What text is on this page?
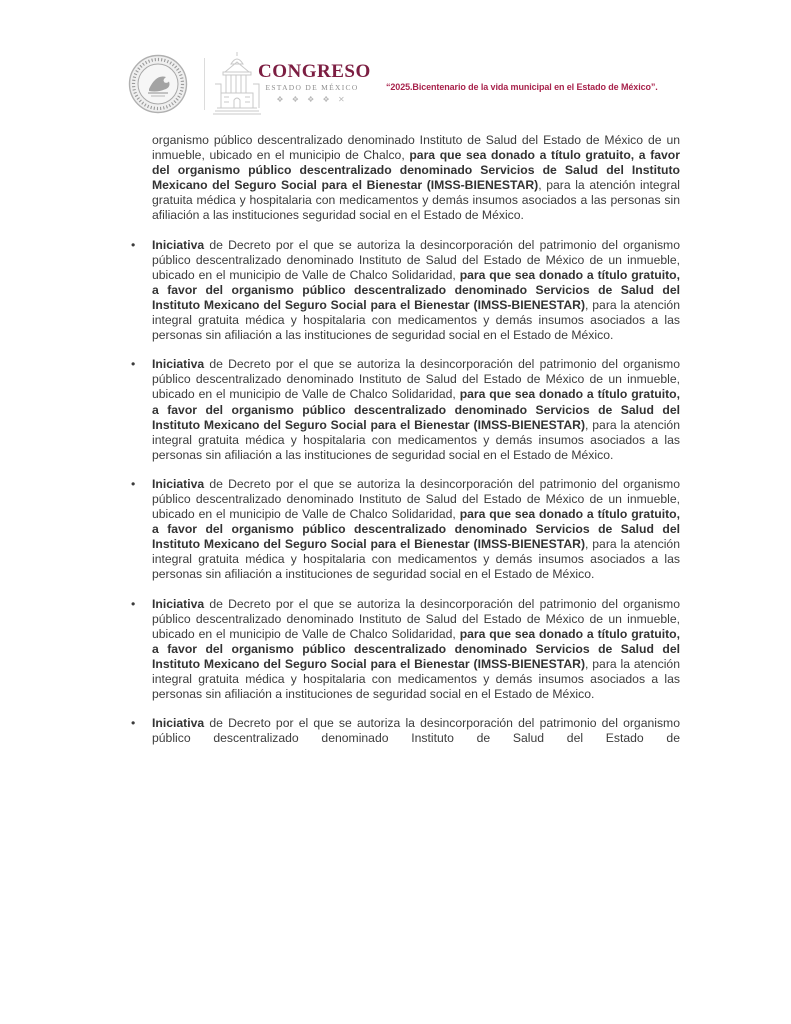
CONGRESO
ESTADO DE MÉXICO
❖ ❖ ❖ ❖ ✕
“2025.Bicentenario de la vida municipal en el Estado de México”.
organismo público descentralizado denominado Instituto de Salud del Estado de México de un inmueble, ubicado en el municipio de Chalco, para que sea donado a título gratuito, a favor del organismo público descentralizado denominado Servicios de Salud del Instituto Mexicano del Seguro Social para el Bienestar (IMSS-BIENESTAR), para la atención integral gratuita médica y hospitalaria con medicamentos y demás insumos asociados a las personas sin afiliación a las instituciones seguridad social en el Estado de México.
• Iniciativa de Decreto por el que se autoriza la desincorporación del patrimonio del organismo público descentralizado denominado Instituto de Salud del Estado de México de un inmueble, ubicado en el municipio de Valle de Chalco Solidaridad, para que sea donado a título gratuito, a favor del organismo público descentralizado denominado Servicios de Salud del Instituto Mexicano del Seguro Social para el Bienestar (IMSS-BIENESTAR), para la atención integral gratuita médica y hospitalaria con medicamentos y demás insumos asociados a las personas sin afiliación a las instituciones de seguridad social en el Estado de México.
• Iniciativa de Decreto por el que se autoriza la desincorporación del patrimonio del organismo público descentralizado denominado Instituto de Salud del Estado de México de un inmueble, ubicado en el municipio de Valle de Chalco Solidaridad, para que sea donado a título gratuito, a favor del organismo público descentralizado denominado Servicios de Salud del Instituto Mexicano del Seguro Social para el Bienestar (IMSS-BIENESTAR), para la atención integral gratuita médica y hospitalaria con medicamentos y demás insumos asociados a las personas sin afiliación a las instituciones de seguridad social en el Estado de México.
• Iniciativa de Decreto por el que se autoriza la desincorporación del patrimonio del organismo público descentralizado denominado Instituto de Salud del Estado de México de un inmueble, ubicado en el municipio de Valle de Chalco Solidaridad, para que sea donado a título gratuito, a favor del organismo público descentralizado denominado Servicios de Salud del Instituto Mexicano del Seguro Social para el Bienestar (IMSS-BIENESTAR), para la atención integral gratuita médica y hospitalaria con medicamentos y demás insumos asociados a las personas sin afiliación a instituciones de seguridad social en el Estado de México.
• Iniciativa de Decreto por el que se autoriza la desincorporación del patrimonio del organismo público descentralizado denominado Instituto de Salud del Estado de México de un inmueble, ubicado en el municipio de Valle de Chalco Solidaridad, para que sea donado a título gratuito, a favor del organismo público descentralizado denominado Servicios de Salud del Instituto Mexicano del Seguro Social para el Bienestar (IMSS-BIENESTAR), para la atención integral gratuita médica y hospitalaria con medicamentos y demás insumos asociados a las personas sin afiliación a instituciones de seguridad social en el Estado de México.
• Iniciativa de Decreto por el que se autoriza la desincorporación del patrimonio del organismo público descentralizado denominado Instituto de Salud del Estado de
